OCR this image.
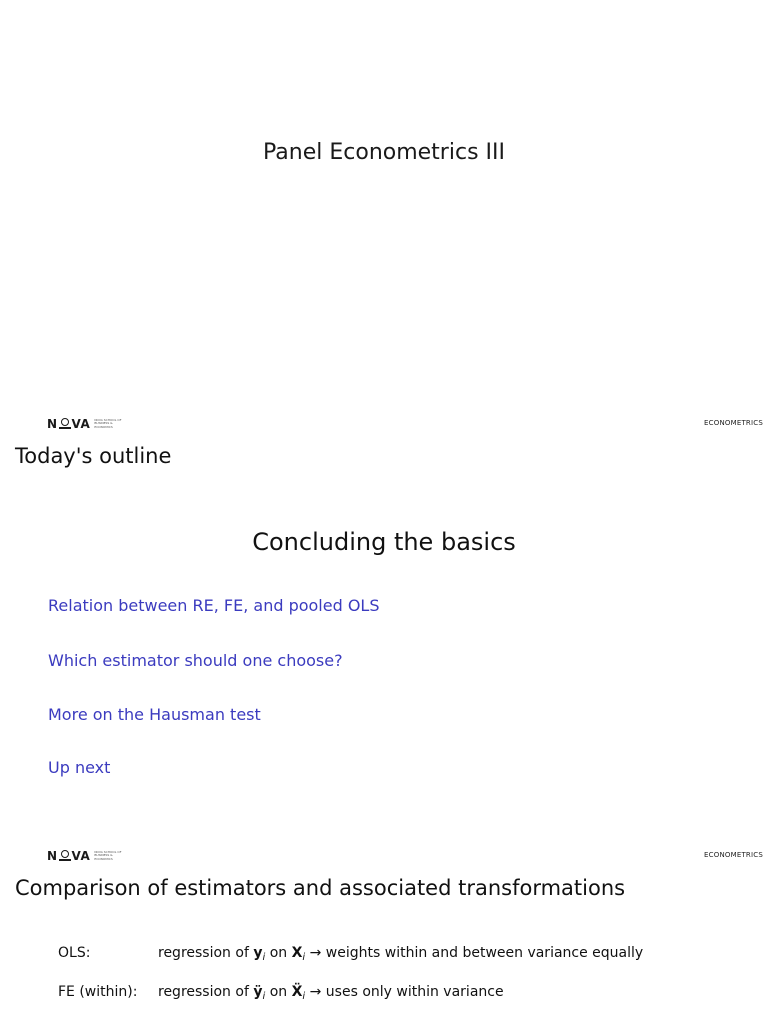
Panel Econometrics III
N VA NOVA SCHOOL OF BUSINESS & ECONOMICS	ECONOMETRICS
Today's outline
Concluding the basics
Relation between RE, FE, and pooled OLS
Which estimator should one choose?
More on the Hausman test
Up next
N VA NOVA SCHOOL OF BUSINESS & ECONOMICS	ECONOMETRICS
Comparison of estimators and associated transformations
OLS:	regression of $y_i$ on $X_i$ → weights within and between variance equally
FE (within): regression of $ÿ_i$ on Ẍ$_i$ → uses only within variance
